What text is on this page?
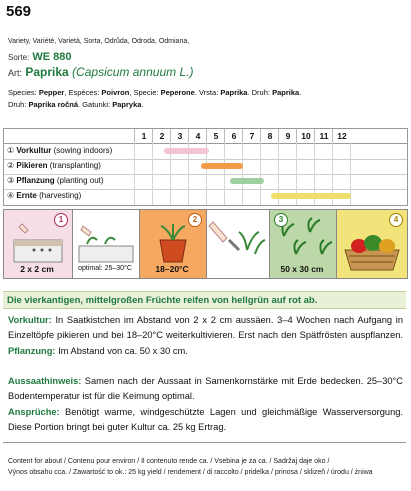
569
Variety, Variété, Varietà, Sorta, Odrůda, Odroda, Odmiana,
Sorte: WE 880
Art: Paprika (Capsicum annuum L.)
Species: Pepper, Espèces: Poivron, Specie: Peperone. Vrsta: Paprika. Druh: Paprika.
Druh: Paprika ročná. Gatunki: Papryka.
1	2	3	4	5	6	7	8	9	10	11	12
① Vorkultur (sowing indoors)
② Pikieren (transplanting)
③ Pflanzung (planting out)
④ Ernte (harvesting)
1	2	3	4
2 x 2 cm	optimal: 25–30°C	18–20°C	50 x 30 cm
Die vierkantigen, mittelgroßen Früchte reifen von hellgrün auf rot ab.
Vorkultur: In Saatkistchen im Abstand von 2 x 2 cm aussäen. 3–4 Wochen nach Aufgang in Einzeltöpfe pikieren und bei 18–20°C weiterkultivieren. Erst nach den Spätfrösten auspflanzen. Pflanzung: Im Abstand von ca. 50 x 30 cm.
Aussaathinweis: Samen nach der Aussaat in Samenkornstärke mit Erde bedecken. 25–30°C Bodentemperatur ist für die Keimung optimal.
Ansprüche: Benötigt warme, windgeschützte Lagen und gleichmäßige Wasserversorgung. Diese Portion bringt bei guter Kultur ca. 25 kg Ertrag.
Content for about / Contenu pour environ / Il contenuto rende ca. / Vsebina je za ca. / Sadržaj daje oko /
Výnos obsahu cca. / Zawartość to ok.: 25 kg yield / rendement / di raccolto / pridelka / prinosa / sklizeň / úrodu / żniwa
